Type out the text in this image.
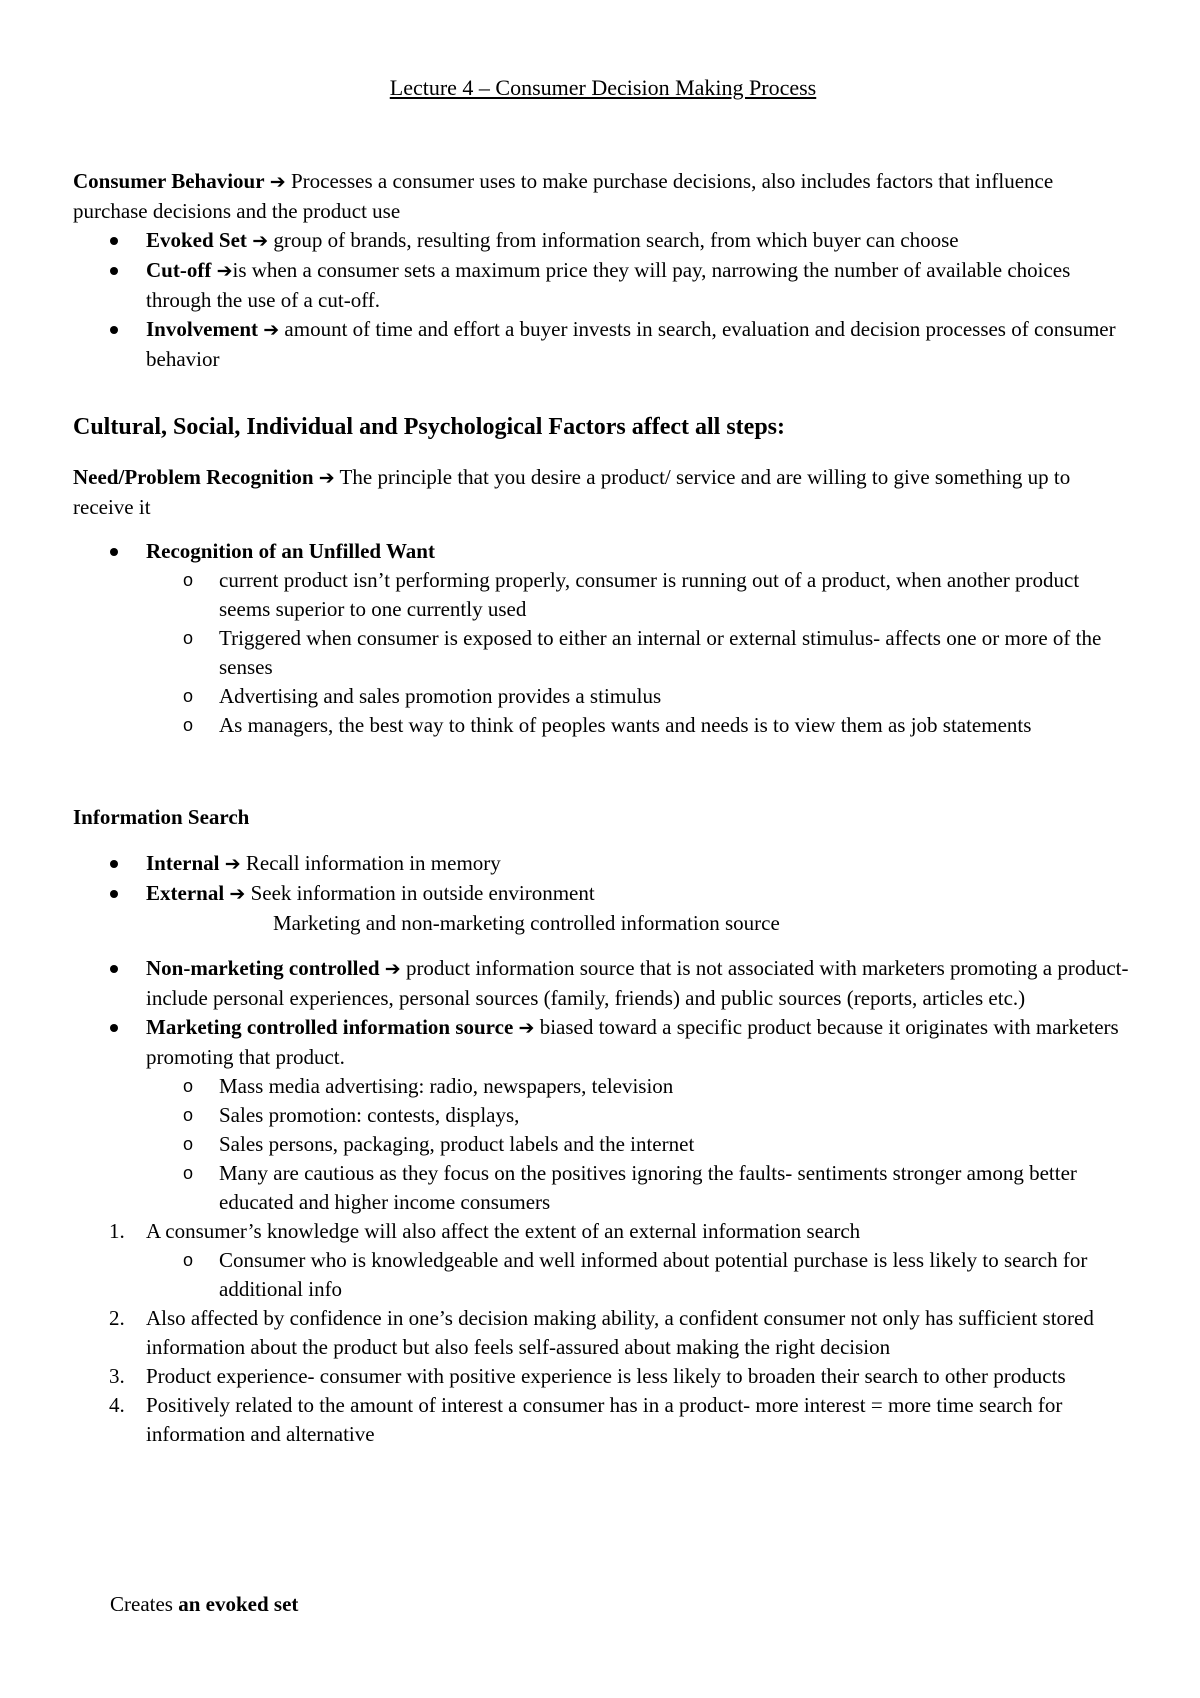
Lecture 4 – Consumer Decision Making Process
Consumer Behaviour ➔ Processes a consumer uses to make purchase decisions, also includes factors that influence purchase decisions and the product use
Evoked Set ➔ group of brands, resulting from information search, from which buyer can choose
Cut-off ➔is when a consumer sets a maximum price they will pay, narrowing the number of available choices through the use of a cut-off.
Involvement ➔ amount of time and effort a buyer invests in search, evaluation and decision processes of consumer behavior
Cultural, Social, Individual and Psychological Factors affect all steps:
Need/Problem Recognition ➔ The principle that you desire a product/ service and are willing to give something up to receive it
Recognition of an Unfilled Want
o current product isn’t performing properly, consumer is running out of a product, when another product seems superior to one currently used
o Triggered when consumer is exposed to either an internal or external stimulus- affects one or more of the senses
o Advertising and sales promotion provides a stimulus
o As managers, the best way to think of peoples wants and needs is to view them as job statements
Information Search
Internal ➔ Recall information in memory
External ➔ Seek information in outside environment
Marketing and non-marketing controlled information source
Non-marketing controlled ➔ product information source that is not associated with marketers promoting a product- include personal experiences, personal sources (family, friends) and public sources (reports, articles etc.)
Marketing controlled information source ➔ biased toward a specific product because it originates with marketers promoting that product.
o Mass media advertising: radio, newspapers, television
o Sales promotion: contests, displays,
o Sales persons, packaging, product labels and the internet
o Many are cautious as they focus on the positives ignoring the faults- sentiments stronger among better educated and higher income consumers
1. A consumer’s knowledge will also affect the extent of an external information search
o Consumer who is knowledgeable and well informed about potential purchase is less likely to search for additional info
2. Also affected by confidence in one’s decision making ability, a confident consumer not only has sufficient stored information about the product but also feels self-assured about making the right decision
3. Product experience- consumer with positive experience is less likely to broaden their search to other products
4. Positively related to the amount of interest a consumer has in a product- more interest = more time search for information and alternative
Creates an evoked set
